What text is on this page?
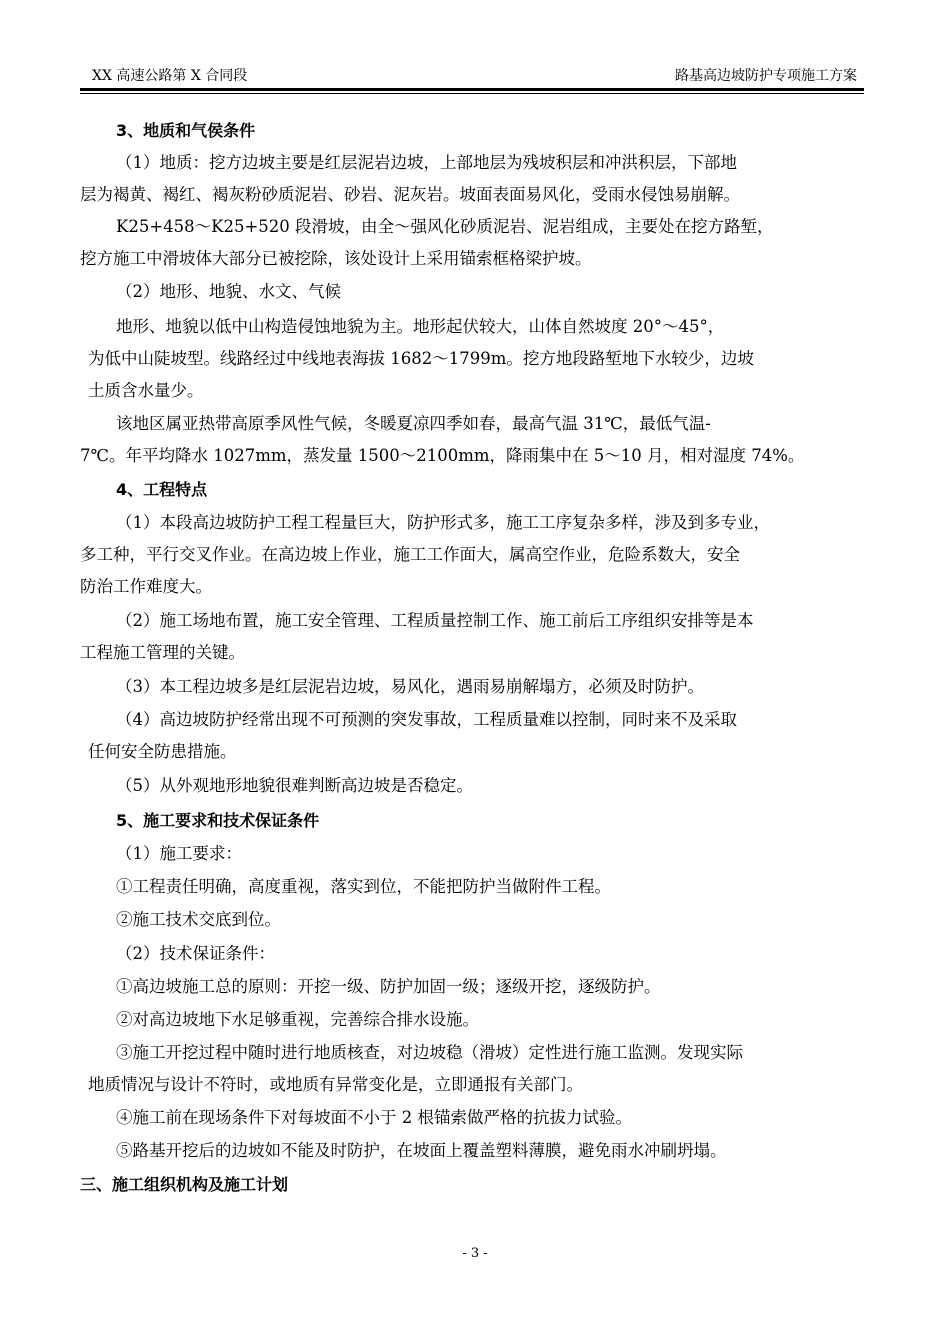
XX 高速公路第 X 合同段	路基高边坡防护专项施工方案
3、地质和气侯条件
（1）地质：挖方边坡主要是红层泥岩边坡，上部地层为残坡积层和冲洪积层，下部地
层为褐黄、褐红、褐灰粉砂质泥岩、砂岩、泥灰岩。坡面表面易风化，受雨水侵蚀易崩解。
K25+458～K25+520 段滑坡，由全～强风化砂质泥岩、泥岩组成，主要处在挖方路堑，
挖方施工中滑坡体大部分已被挖除，该处设计上采用锚索框格梁护坡。
（2）地形、地貌、水文、气候
地形、地貌以低中山构造侵蚀地貌为主。地形起伏较大，山体自然坡度 20°～45°，
为低中山陡坡型。线路经过中线地表海拔 1682～1799m。挖方地段路堑地下水较少，边坡
土质含水量少。
该地区属亚热带高原季风性气候，冬暖夏凉四季如春，最高气温 31℃，最低气温-
7℃。年平均降水 1027mm，蒸发量 1500～2100mm，降雨集中在 5～10 月，相对湿度 74%。
4、工程特点
（1）本段高边坡防护工程工程量巨大，防护形式多，施工工序复杂多样，涉及到多专业，
多工种，平行交叉作业。在高边坡上作业，施工工作面大，属高空作业，危险系数大，安全
防治工作难度大。
（2）施工场地布置，施工安全管理、工程质量控制工作、施工前后工序组织安排等是本
工程施工管理的关键。
（3）本工程边坡多是红层泥岩边坡，易风化，遇雨易崩解塌方，必须及时防护。
（4）高边坡防护经常出现不可预测的突发事故，工程质量难以控制，同时来不及采取
任何安全防患措施。
（5）从外观地形地貌很难判断高边坡是否稳定。
5、施工要求和技术保证条件
（1）施工要求：
①工程责任明确，高度重视，落实到位，不能把防护当做附件工程。
②施工技术交底到位。
（2）技术保证条件：
①高边坡施工总的原则：开挖一级、防护加固一级；逐级开挖，逐级防护。
②对高边坡地下水足够重视，完善综合排水设施。
③施工开挖过程中随时进行地质核查，对边坡稳（滑坡）定性进行施工监测。发现实际
地质情况与设计不符时，或地质有异常变化是，立即通报有关部门。
④施工前在现场条件下对每坡面不小于 2 根锚索做严格的抗拔力试验。
⑤路基开挖后的边坡如不能及时防护，在坡面上覆盖塑料薄膜，避免雨水冲刷坍塌。
三、施工组织机构及施工计划
- 3 -
